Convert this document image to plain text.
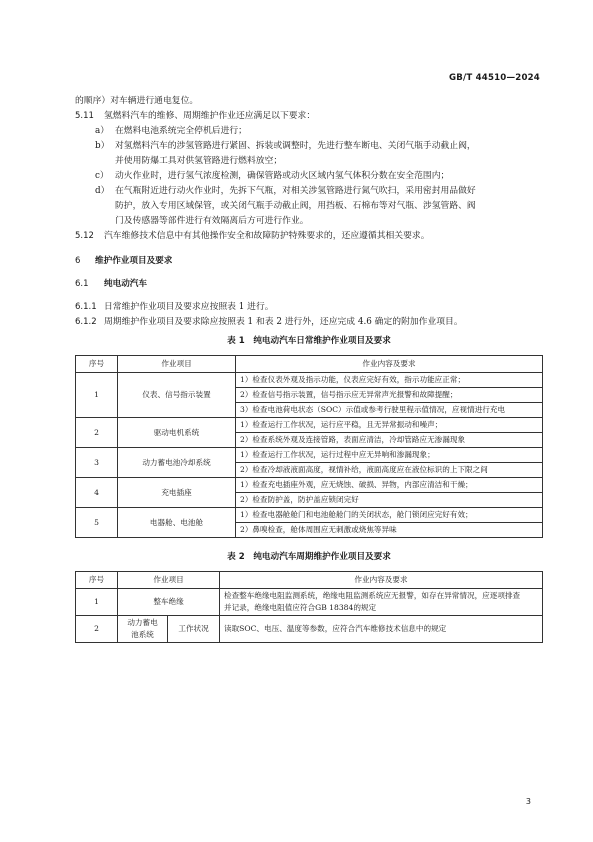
GB/T 44510—2024
的顺序）对车辆进行通电复位。
5.11 氢燃料汽车的维修、周期维护作业还应满足以下要求：
a） 在燃料电池系统完全停机后进行；
b） 对氢燃料汽车的涉氢管路进行紧固、拆装或调整时，先进行整车断电、关闭气瓶手动截止阀，
并使用防爆工具对供氢管路进行燃料放空；
c） 动火作业时，进行氢气浓度检测，确保管路或动火区域内氢气体积分数在安全范围内；
d） 在气瓶附近进行动火作业时，先拆下气瓶，对相关涉氢管路进行氮气吹扫，采用密封用品做好
防护，放入专用区域保管，或关闭气瓶手动截止阀，用挡板、石棉布等对气瓶、涉氢管路、阀
门及传感器等部件进行有效隔离后方可进行作业。
5.12 汽车维修技术信息中有其他操作安全和故障防护特殊要求的，还应遵循其相关要求。
6 维护作业项目及要求
6.1 纯电动汽车
6.1.1 日常维护作业项目及要求应按照表 1 进行。
6.1.2 周期维护作业项目及要求除应按照表 1 和表 2 进行外，还应完成 4.6 确定的附加作业项目。
表 1　纯电动汽车日常维护作业项目及要求
序号	作业项目	作业内容及要求
1	仪表、信号指示装置	1）检查仪表外观及指示功能，仪表应完好有效，指示功能应正常；
2）检查信号指示装置，信号指示应无异常声光报警和故障提醒；
3）检查电池荷电状态（SOC）示值或参考行驶里程示值情况，应视情进行充电

2	驱动电机系统	1）检查运行工作状况，运行应平稳，且无异常振动和噪声；
2）检查系统外观及连接管路，表面应清洁，冷却管路应无渗漏现象

3	动力蓄电池冷却系统	1）检查运行工作状况，运行过程中应无异响和渗漏现象；
2）检查冷却液液面高度，视情补给，液面高度应在液位标识的上下限之间

4	充电插座	1）检查充电插座外观，应无烧蚀、破损、异物，内部应清洁和干燥；
2）检查防护盖，防护盖应锁闭完好

5	电器舱、电池舱	1）检查电器舱舱门和电池舱舱门的关闭状态，舱门锁闭应完好有效；
2）鼻嗅检查，舱体周围应无刺激或烧焦等异味
表 2　纯电动汽车周期维护作业项目及要求
序号	作业项目		作业内容及要求
1	整车绝缘		检查整车绝缘电阻监测系统，绝缘电阻监测系统应无报警，如存在异常情况，应逐项排查
并记录，绝缘电阻值应符合GB 18384的规定

2	动力蓄电
池系统	工作状况	读取SOC、电压、温度等参数，应符合汽车维修技术信息中的规定
3
